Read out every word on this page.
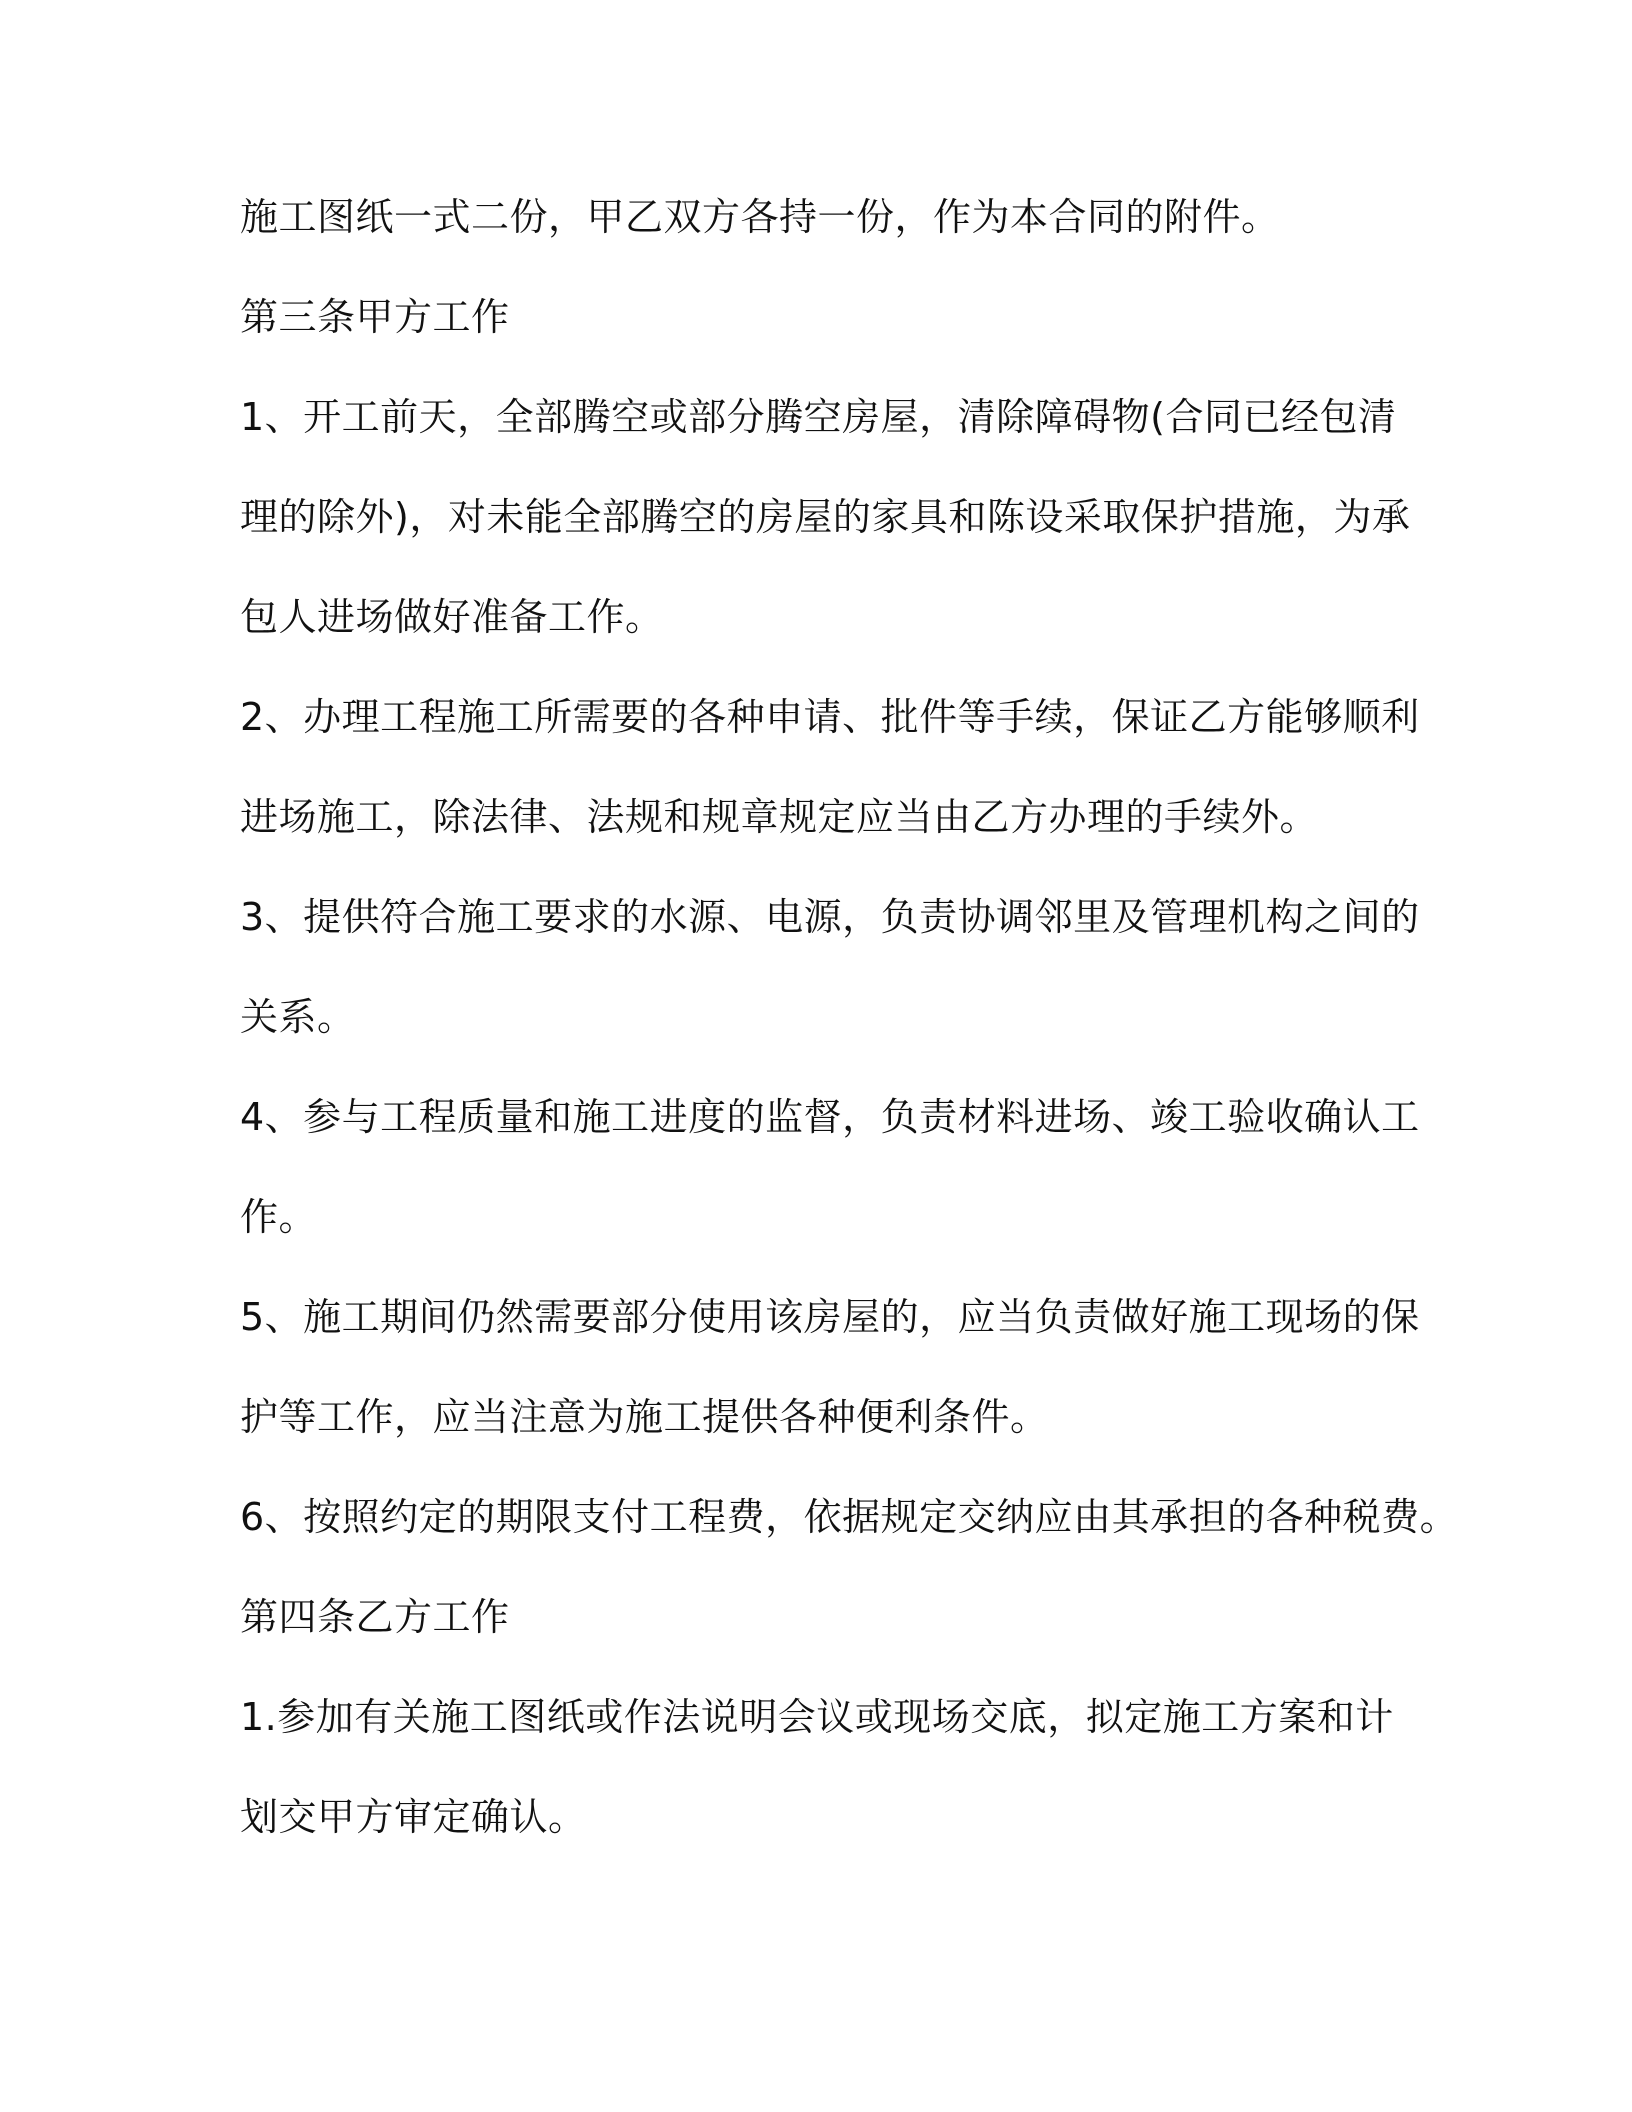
施工图纸一式二份，甲乙双方各持一份，作为本合同的附件。
第三条甲方工作
1、开工前天，全部腾空或部分腾空房屋，清除障碍物(合同已经包清
理的除外)，对未能全部腾空的房屋的家具和陈设采取保护措施，为承
包人进场做好准备工作。
2、办理工程施工所需要的各种申请、批件等手续，保证乙方能够顺利
进场施工，除法律、法规和规章规定应当由乙方办理的手续外。
3、提供符合施工要求的水源、电源，负责协调邻里及管理机构之间的
关系。
4、参与工程质量和施工进度的监督，负责材料进场、竣工验收确认工
作。
5、施工期间仍然需要部分使用该房屋的，应当负责做好施工现场的保
护等工作，应当注意为施工提供各种便利条件。
6、按照约定的期限支付工程费，依据规定交纳应由其承担的各种税费。
第四条乙方工作
1.参加有关施工图纸或作法说明会议或现场交底，拟定施工方案和计
划交甲方审定确认。
